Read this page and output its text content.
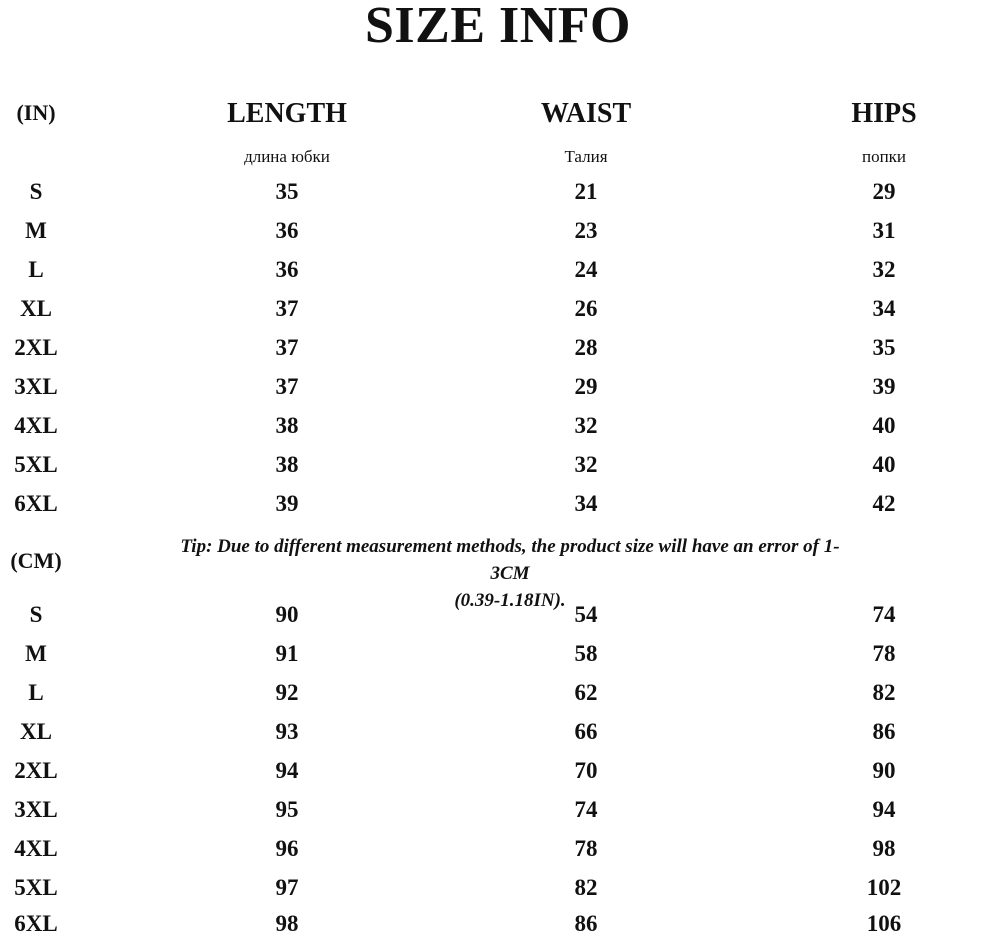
SIZE INFO
(IN)	LENGTH	WAIST	HIPS
длина юбки	Талия	попки
S	35	21	29
M	36	23	31
L	36	24	32
XL	37	26	34
2XL	37	28	35
3XL	37	29	39
4XL	38	32	40
5XL	38	32	40
6XL	39	34	42
(CM)
Tip: Due to different measurement methods, the product size will have an error of 1-3CM
(0.39-1.18IN).
S	90	54	74
M	91	58	78
L	92	62	82
XL	93	66	86
2XL	94	70	90
3XL	95	74	94
4XL	96	78	98
5XL	97	82	102
6XL	98	86	106
